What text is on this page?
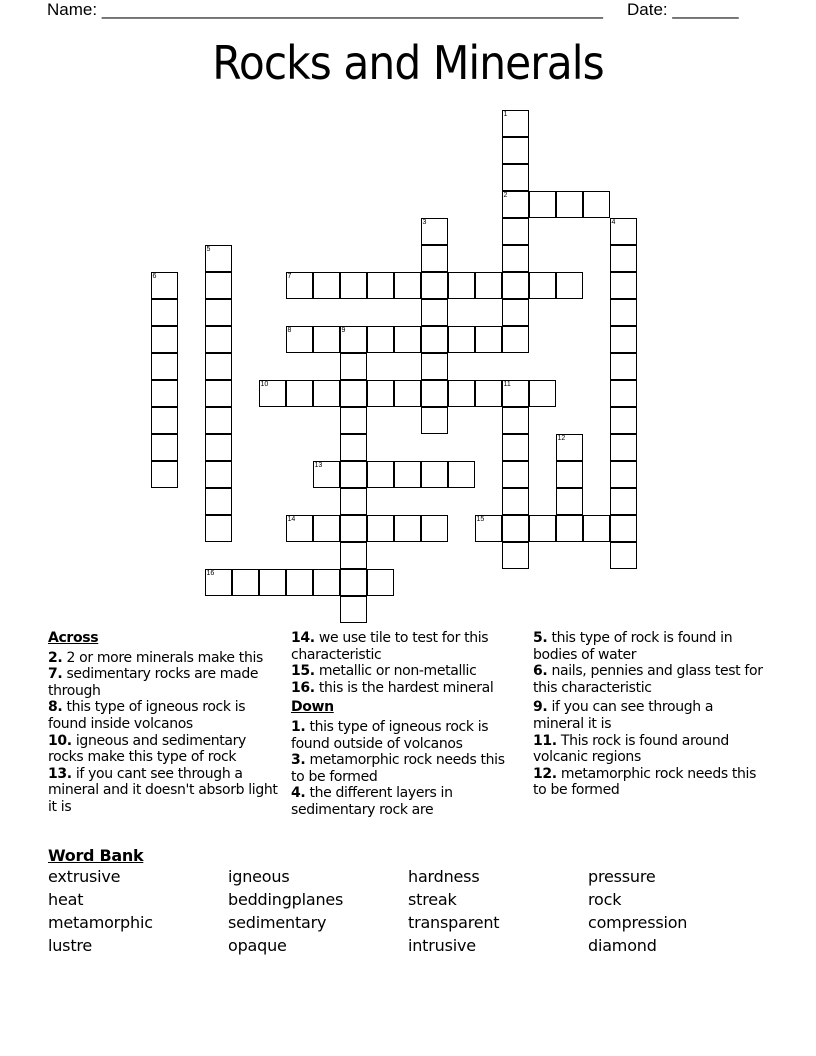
Name: _____________________________________________________ Date: _______
Rocks and Minerals
1
2
3	4
5
6	7
8	9
10	11
12
13
14	15
16
Across
2. 2 or more minerals make this
7. sedimentary rocks are made through
8. this type of igneous rock is found inside volcanos
10. igneous and sedimentary rocks make this type of rock
13. if you cant see through a mineral and it doesn't absorb light it is
14. we use tile to test for this characteristic
15. metallic or non-metallic
16. this is the hardest mineral
Down
1. this type of igneous rock is found outside of volcanos
3. metamorphic rock needs this to be formed
4. the different layers in sedimentary rock are
5. this type of rock is found in bodies of water
6. nails, pennies and glass test for this characteristic
9. if you can see through a mineral it is
11. This rock is found around volcanic regions
12. metamorphic rock needs this to be formed
Word Bank
extrusive	igneous	hardness	pressure
heat	beddingplanes	streak	rock
metamorphic	sedimentary	transparent	compression
lustre	opaque	intrusive	diamond
